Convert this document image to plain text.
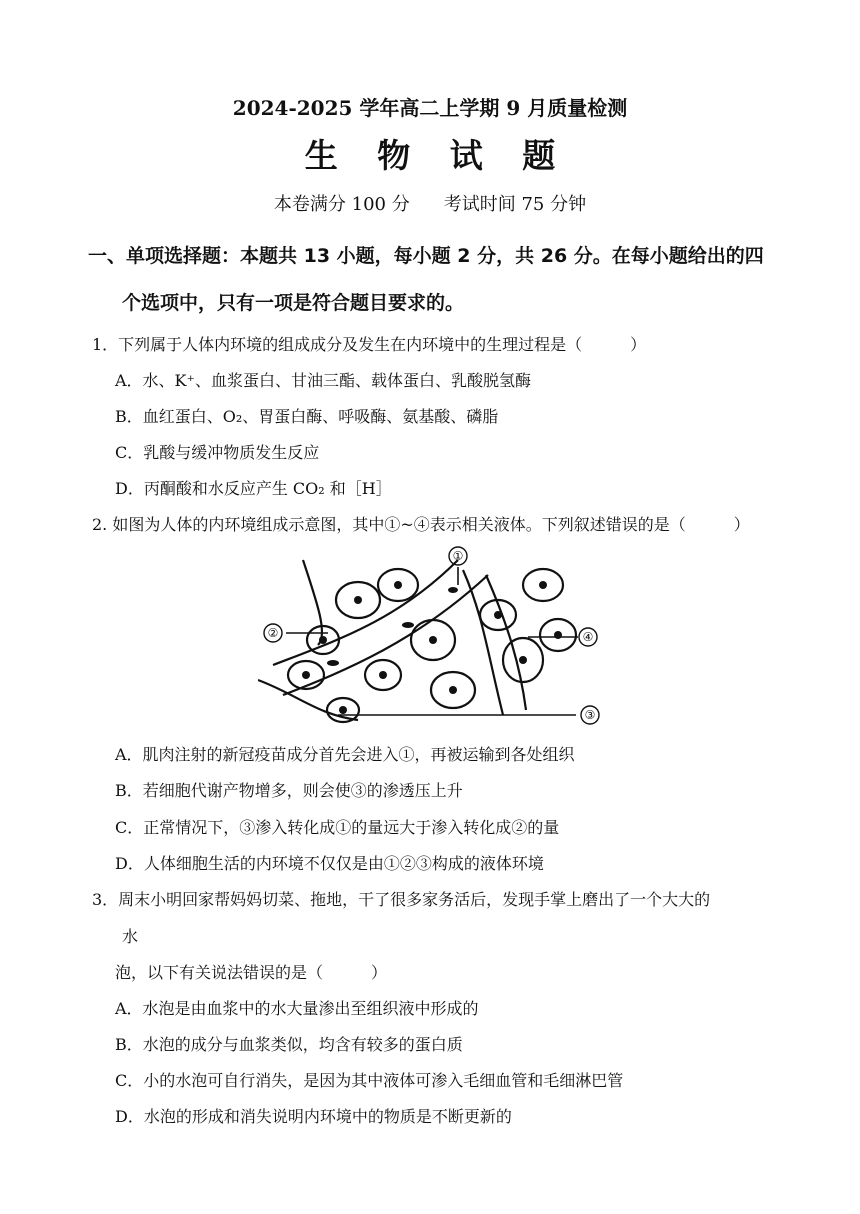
2024-2025 学年高二上学期 9 月质量检测
生 物 试 题
本卷满分 100 分 考试时间 75 分钟
一、单项选择题：本题共 13 小题，每小题 2 分，共 26 分。在每小题给出的四
个选项中，只有一项是符合题目要求的。
1．下列属于人体内环境的组成成分及发生在内环境中的生理过程是（　　　）
A．水、K⁺、血浆蛋白、甘油三酯、载体蛋白、乳酸脱氢酶
B．血红蛋白、O₂、胃蛋白酶、呼吸酶、氨基酸、磷脂
C．乳酸与缓冲物质发生反应
D．丙酮酸和水反应产生 CO₂ 和［H］
2. 如图为人体的内环境组成示意图，其中①~④表示相关液体。下列叙述错误的是（　　　）
①
②
③
④
A．肌肉注射的新冠疫苗成分首先会进入①，再被运输到各处组织
B．若细胞代谢产物增多，则会使③的渗透压上升
C．正常情况下，③渗入转化成①的量远大于渗入转化成②的量
D．人体细胞生活的内环境不仅仅是由①②③构成的液体环境
3．周末小明回家帮妈妈切菜、拖地，干了很多家务活后，发现手掌上磨出了一个大大的
水
泡，以下有关说法错误的是（　　　）
A．水泡是由血浆中的水大量渗出至组织液中形成的
B．水泡的成分与血浆类似，均含有较多的蛋白质
C．小的水泡可自行消失，是因为其中液体可渗入毛细血管和毛细淋巴管
D．水泡的形成和消失说明内环境中的物质是不断更新的
